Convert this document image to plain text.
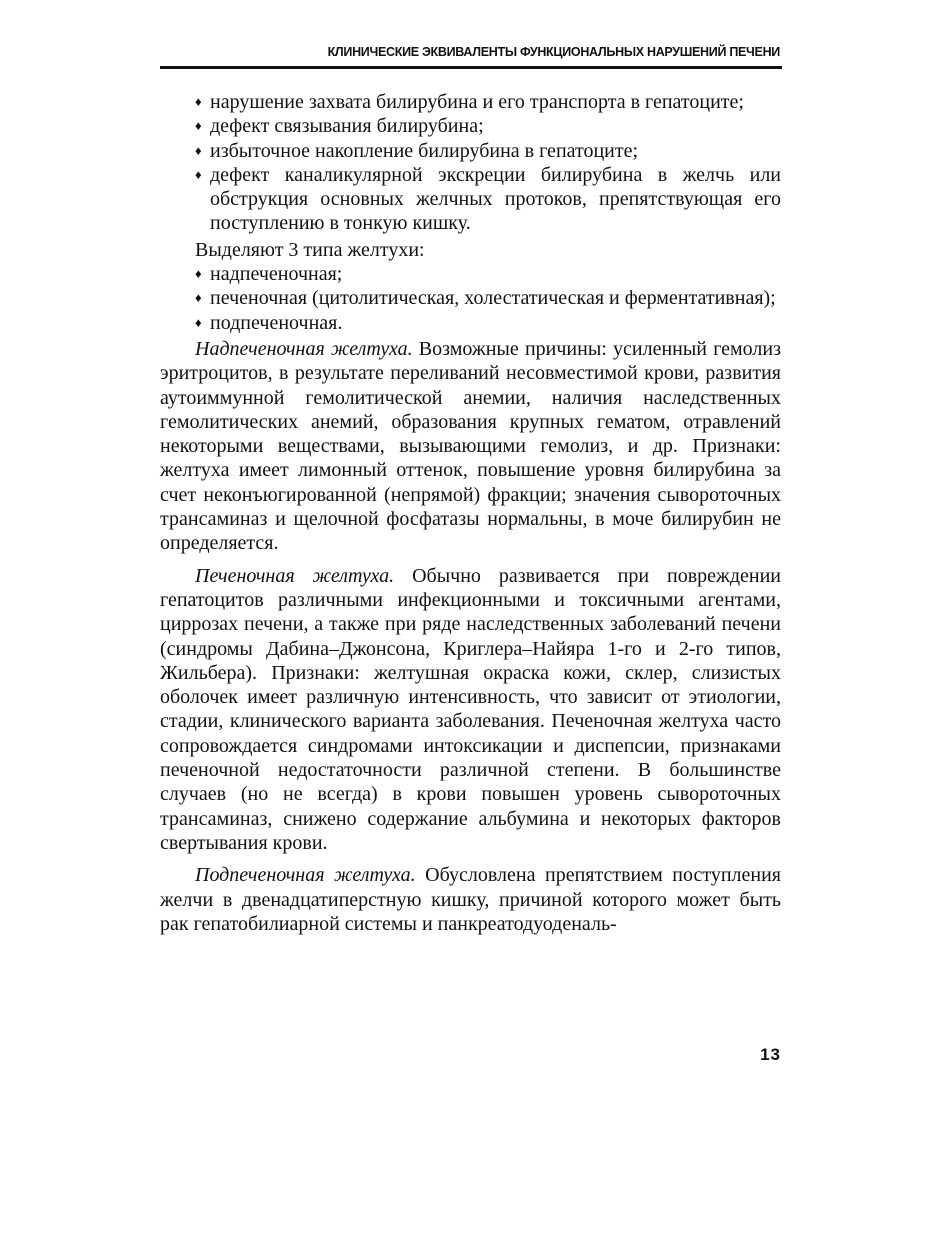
КЛИНИЧЕСКИЕ ЭКВИВАЛЕНТЫ ФУНКЦИОНАЛЬНЫХ НАРУШЕНИЙ ПЕЧЕНИ
♦ нарушение захвата билирубина и его транспорта в гепатоците;
♦ дефект связывания билирубина;
♦ избыточное накопление билирубина в гепатоците;
♦ дефект каналикулярной экскреции билирубина в желчь или обструкция основных желчных протоков, препятствующая его поступлению в тонкую кишку.

Выделяют 3 типа желтухи:

♦ надпеченочная;
♦ печеночная (цитолитическая, холестатическая и ферментативная);
♦ подпеченочная.

Надпеченочная желтуха. Возможные причины: усиленный гемолиз эритроцитов, в результате переливаний несовместимой крови, развития аутоиммунной гемолитической анемии, наличия наследственных гемолитических анемий, образования крупных гематом, отравлений некоторыми веществами, вызывающими гемолиз, и др. Признаки: желтуха имеет лимонный оттенок, повышение уровня билирубина за счет неконъюгированной (непрямой) фракции; значения сывороточных трансаминаз и щелочной фосфатазы нормальны, в моче билирубин не определяется.

Печеночная желтуха. Обычно развивается при повреждении гепатоцитов различными инфекционными и токсичными агентами, циррозах печени, а также при ряде наследственных заболеваний печени (синдромы Дабина–Джонсона, Криглера–Найяра 1-го и 2-го типов, Жильбера). Признаки: желтушная окраска кожи, склер, слизистых оболочек имеет различную интенсивность, что зависит от этиологии, стадии, клинического варианта заболевания. Печеночная желтуха часто сопровождается синдромами интоксикации и диспепсии, признаками печеночной недостаточности различной степени. В большинстве случаев (но не всегда) в крови повышен уровень сывороточных трансаминаз, снижено содержание альбумина и некоторых факторов свертывания крови.

Подпеченочная желтуха. Обусловлена препятствием поступления желчи в двенадцатиперстную кишку, причиной которого может быть рак гепатобилиарной системы и панкреатодуоденаль-

13
